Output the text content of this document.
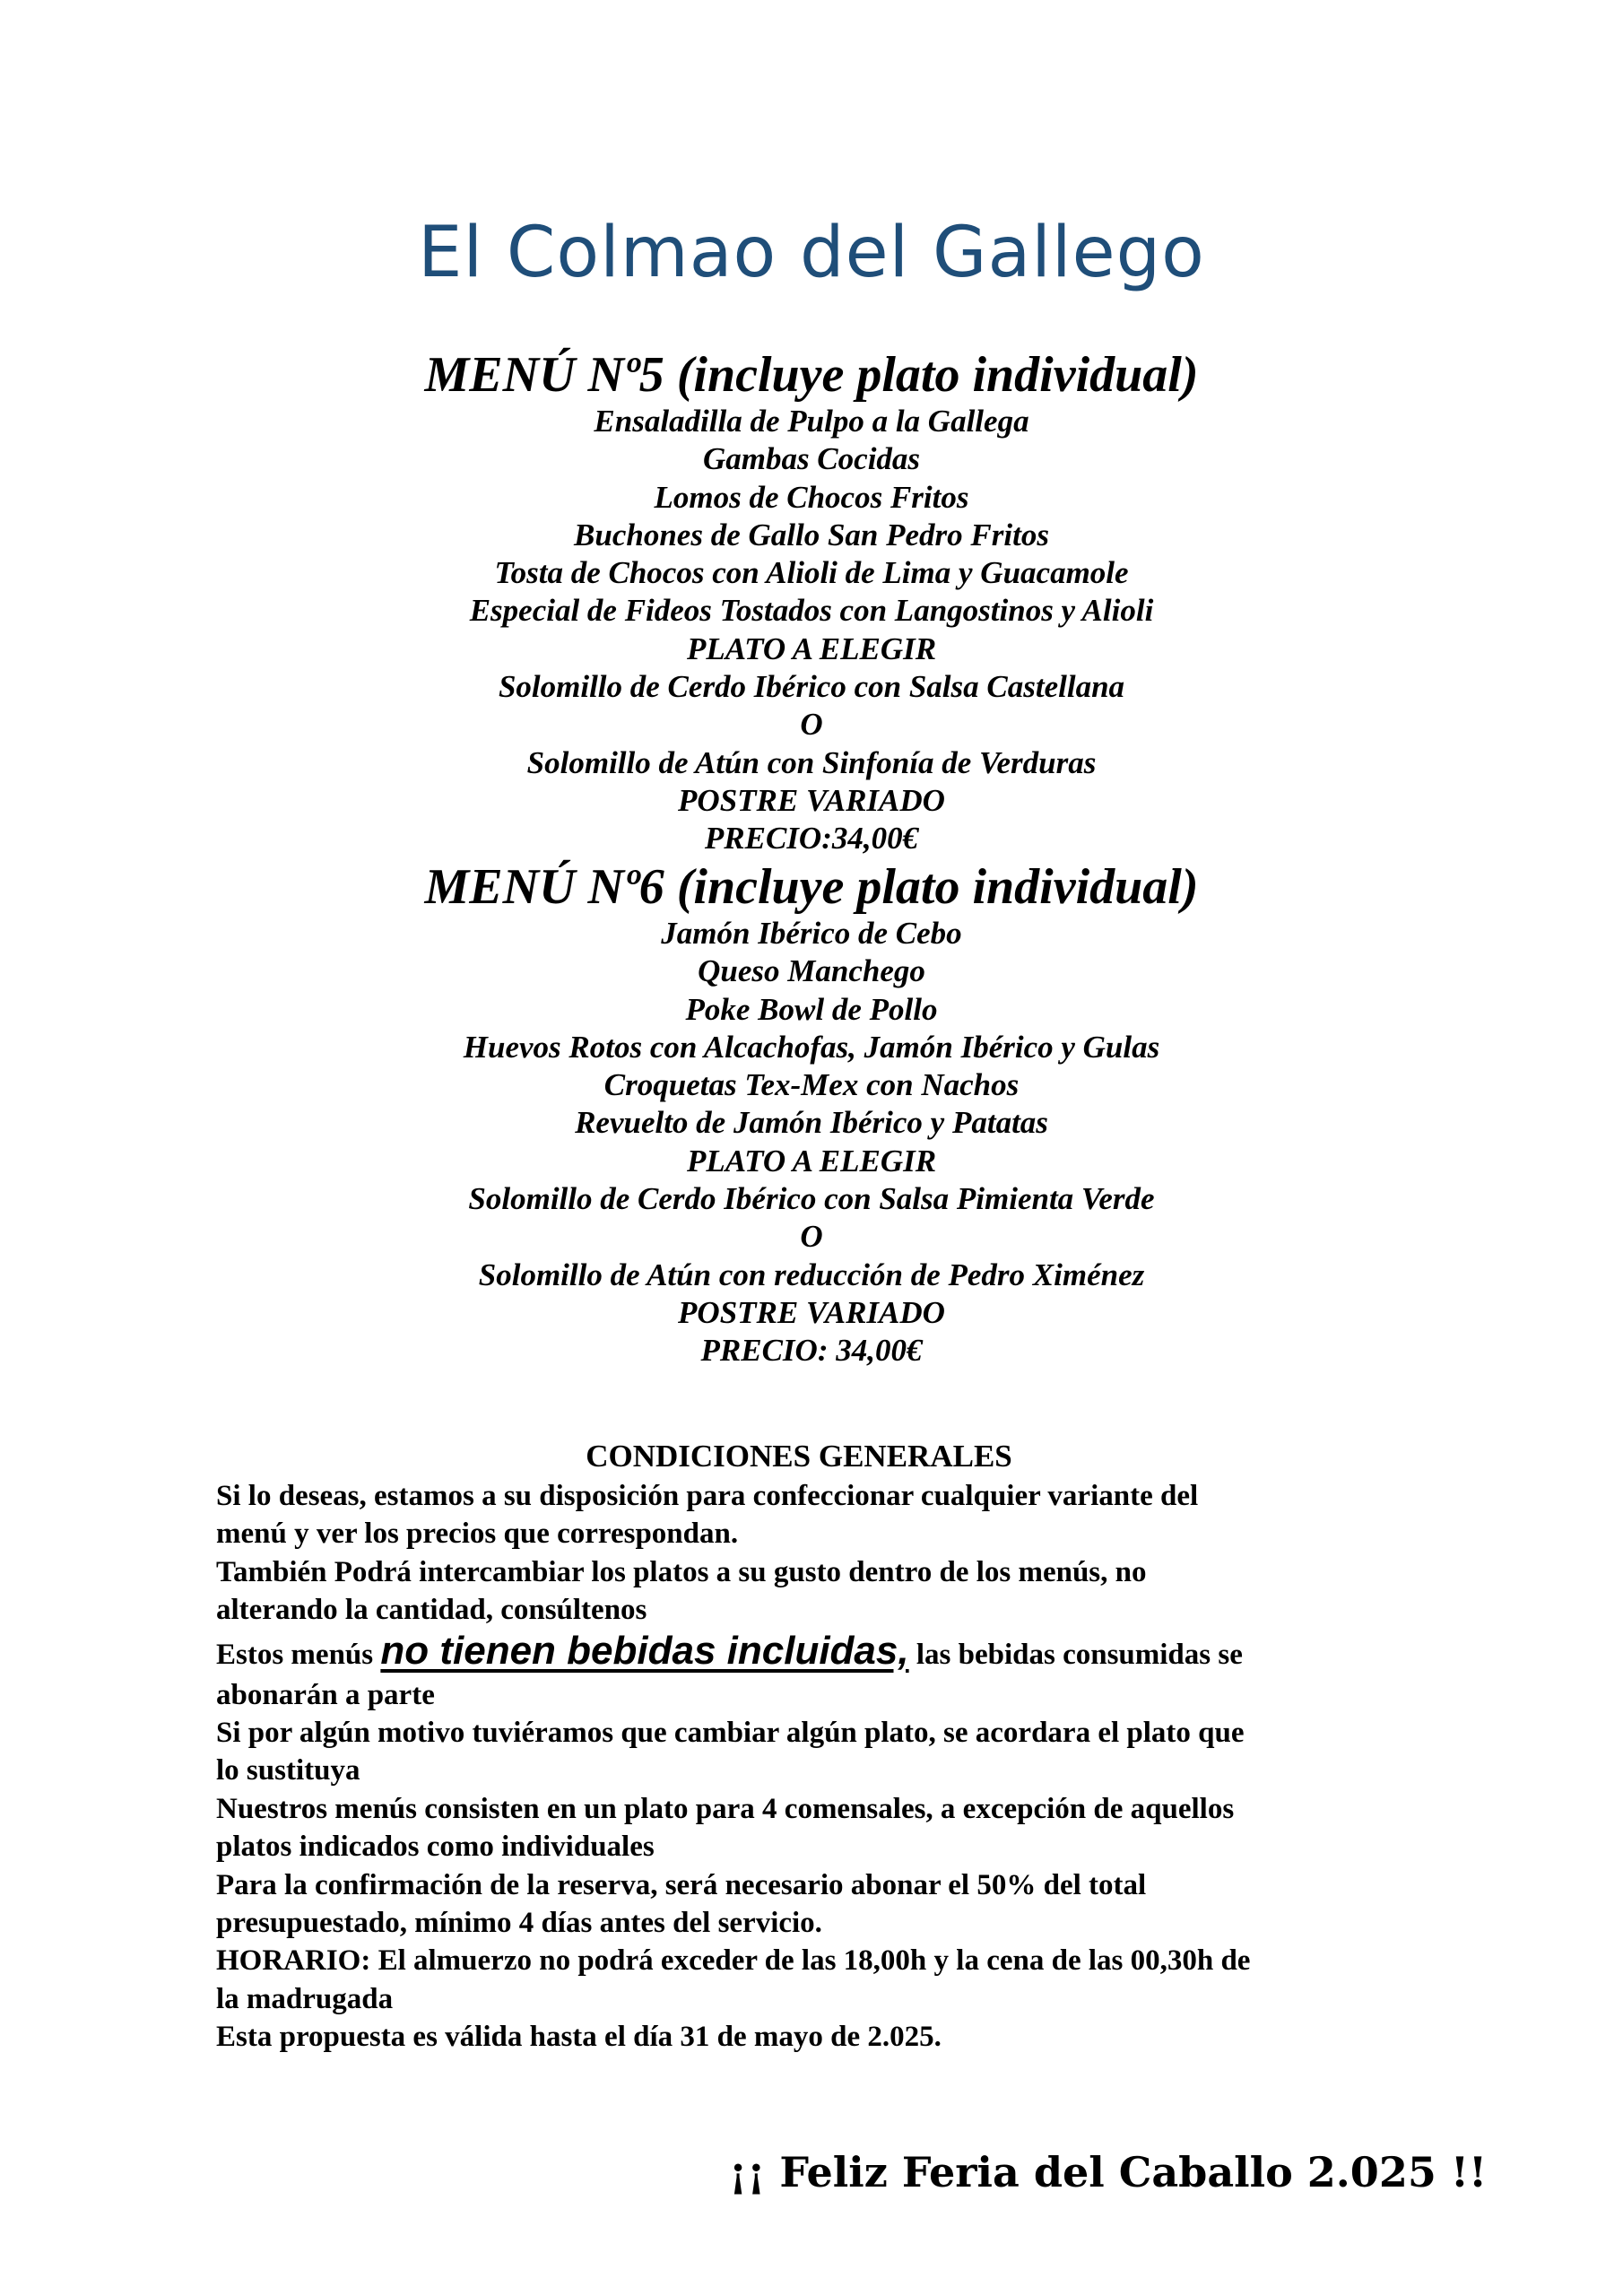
El Colmao del Gallego

MENÚ Nº5 (incluye plato individual)

Ensaladilla de Pulpo a la Gallega

Gambas Cocidas

Lomos de Chocos Fritos

Buchones de Gallo San Pedro Fritos

Tosta de Chocos con Alioli de Lima y Guacamole

Especial de Fideos Tostados con Langostinos y Alioli

PLATO A ELEGIR

Solomillo de Cerdo Ibérico con Salsa Castellana

O

Solomillo de Atún con Sinfonía de Verduras

POSTRE VARIADO

PRECIO:34,00€

MENÚ Nº6 (incluye plato individual)

Jamón Ibérico de Cebo

Queso Manchego

Poke Bowl de Pollo

Huevos Rotos con Alcachofas, Jamón Ibérico y Gulas

Croquetas Tex-Mex con Nachos

Revuelto de Jamón Ibérico y Patatas

PLATO A ELEGIR

Solomillo de Cerdo Ibérico con Salsa Pimienta Verde

O

Solomillo de Atún con reducción de Pedro Ximénez

POSTRE VARIADO

PRECIO: 34,00€

CONDICIONES GENERALES

Si lo deseas, estamos a su disposición para confeccionar cualquier variante del

menú y ver los precios que correspondan.

También Podrá intercambiar los platos a su gusto dentro de los menús, no

alterando la cantidad, consúltenos

Estos menús no tienen bebidas incluidas, las bebidas consumidas se

abonarán a parte

Si por algún motivo tuviéramos que cambiar algún plato, se acordara el plato que

lo sustituya

Nuestros menús consisten en un plato para 4 comensales, a excepción de aquellos

platos indicados como individuales

Para la confirmación de la reserva, será necesario abonar el 50% del total

presupuestado, mínimo 4 días antes del servicio.

HORARIO: El almuerzo no podrá exceder de las 18,00h y la cena de las 00,30h de

la madrugada

Esta propuesta es válida hasta el día 31 de mayo de 2.025.

¡¡ Feliz Feria del Caballo 2.025 !!
